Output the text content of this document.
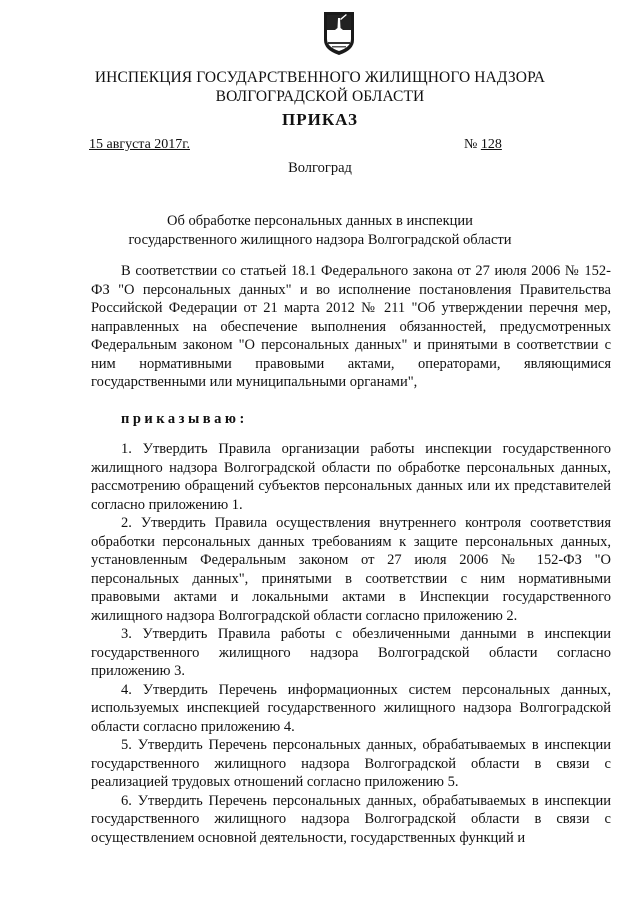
ИНСПЕКЦИЯ ГОСУДАРСТВЕННОГО ЖИЛИЩНОГО НАДЗОРА
ВОЛГОГРАДСКОЙ ОБЛАСТИ
ПРИКАЗ
15 августа 2017г.	№ 128
Волгоград
Об обработке персональных данных в инспекции
государственного жилищного надзора Волгоградской области

В соответствии со статьей 18.1 Федерального закона от 27 июля 2006 № 152-ФЗ "О персональных данных" и во исполнение постановления Правительства Российской Федерации от 21 марта 2012 № 211 "Об утверждении перечня мер, направленных на обеспечение выполнения обязанностей, предусмотренных Федеральным законом "О персональных данных" и принятыми в соответствии с ним нормативными правовыми актами, операторами, являющимися государственными или муниципальными органами",

приказываю:

1. Утвердить Правила организации работы инспекции государственного жилищного надзора Волгоградской области по обработке персональных данных, рассмотрению обращений субъектов персональных данных или их представителей согласно приложению 1.

2. Утвердить Правила осуществления внутреннего контроля соответствия обработки персональных данных требованиям к защите персональных данных, установленным Федеральным законом от 27 июля 2006 № 152-ФЗ "О персональных данных", принятыми в соответствии с ним нормативными правовыми актами и локальными актами в Инспекции государственного жилищного надзора Волгоградской области согласно приложению 2.

3. Утвердить Правила работы с обезличенными данными в инспекции государственного жилищного надзора Волгоградской области согласно приложению 3.

4. Утвердить Перечень информационных систем персональных данных, используемых инспекцией государственного жилищного надзора Волгоградской области согласно приложению 4.

5. Утвердить Перечень персональных данных, обрабатываемых в инспекции государственного жилищного надзора Волгоградской области в связи с реализацией трудовых отношений согласно приложению 5.

6. Утвердить Перечень персональных данных, обрабатываемых в инспекции государственного жилищного надзора Волгоградской области в связи с осуществлением основной деятельности, государственных функций и
